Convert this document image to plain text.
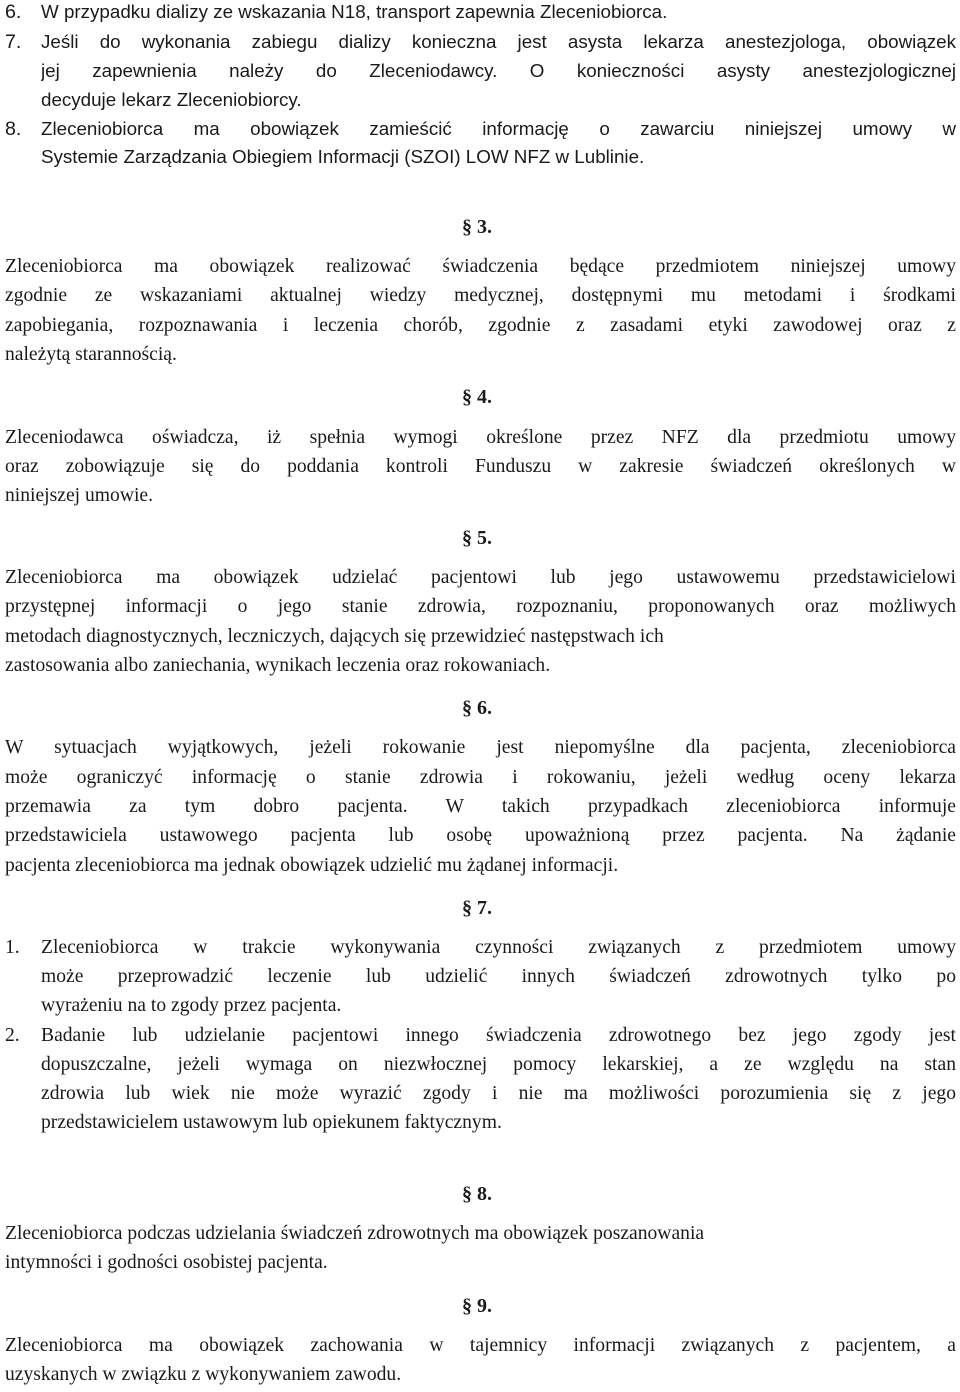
6. W przypadku dializy ze wskazania N18, transport zapewnia Zleceniobiorca.
7. Jeśli do wykonania zabiegu dializy konieczna jest asysta lekarza anestezjologa, obowiązek
jej zapewnienia należy do Zleceniodawcy. O konieczności asysty anestezjologicznej
decyduje lekarz Zleceniobiorcy.
8. Zleceniobiorca ma obowiązek zamieścić informację o zawarciu niniejszej umowy w
Systemie Zarządzania Obiegiem Informacji (SZOI) LOW NFZ w Lublinie.
§ 3.
Zleceniobiorca ma obowiązek realizować świadczenia będące przedmiotem niniejszej umowy
zgodnie ze wskazaniami aktualnej wiedzy medycznej, dostępnymi mu metodami i środkami
zapobiegania, rozpoznawania i leczenia chorób, zgodnie z zasadami etyki zawodowej oraz z
należytą starannością.
§ 4.
Zleceniodawca oświadcza, iż spełnia wymogi określone przez NFZ dla przedmiotu umowy
oraz zobowiązuje się do poddania kontroli Funduszu w zakresie świadczeń określonych w
niniejszej umowie.
§ 5.
Zleceniobiorca ma obowiązek udzielać pacjentowi lub jego ustawowemu przedstawicielowi
przystępnej informacji o jego stanie zdrowia, rozpoznaniu, proponowanych oraz możliwych
metodach diagnostycznych, leczniczych, dających się przewidzieć następstwach ich
zastosowania albo zaniechania, wynikach leczenia oraz rokowaniach.
§ 6.
W sytuacjach wyjątkowych, jeżeli rokowanie jest niepomyślne dla pacjenta, zleceniobiorca
może ograniczyć informację o stanie zdrowia i rokowaniu, jeżeli według oceny lekarza
przemawia za tym dobro pacjenta. W takich przypadkach zleceniobiorca informuje
przedstawiciela ustawowego pacjenta lub osobę upoważnioną przez pacjenta. Na żądanie
pacjenta zleceniobiorca ma jednak obowiązek udzielić mu żądanej informacji.
§ 7.
1. Zleceniobiorca w trakcie wykonywania czynności związanych z przedmiotem umowy
może przeprowadzić leczenie lub udzielić innych świadczeń zdrowotnych tylko po
wyrażeniu na to zgody przez pacjenta.
2. Badanie lub udzielanie pacjentowi innego świadczenia zdrowotnego bez jego zgody jest
dopuszczalne, jeżeli wymaga on niezwłocznej pomocy lekarskiej, a ze względu na stan
zdrowia lub wiek nie może wyrazić zgody i nie ma możliwości porozumienia się z jego
przedstawicielem ustawowym lub opiekunem faktycznym.
§ 8.
Zleceniobiorca podczas udzielania świadczeń zdrowotnych ma obowiązek poszanowania
intymności i godności osobistej pacjenta.
§ 9.
Zleceniobiorca ma obowiązek zachowania w tajemnicy informacji związanych z pacjentem, a
uzyskanych w związku z wykonywaniem zawodu.
